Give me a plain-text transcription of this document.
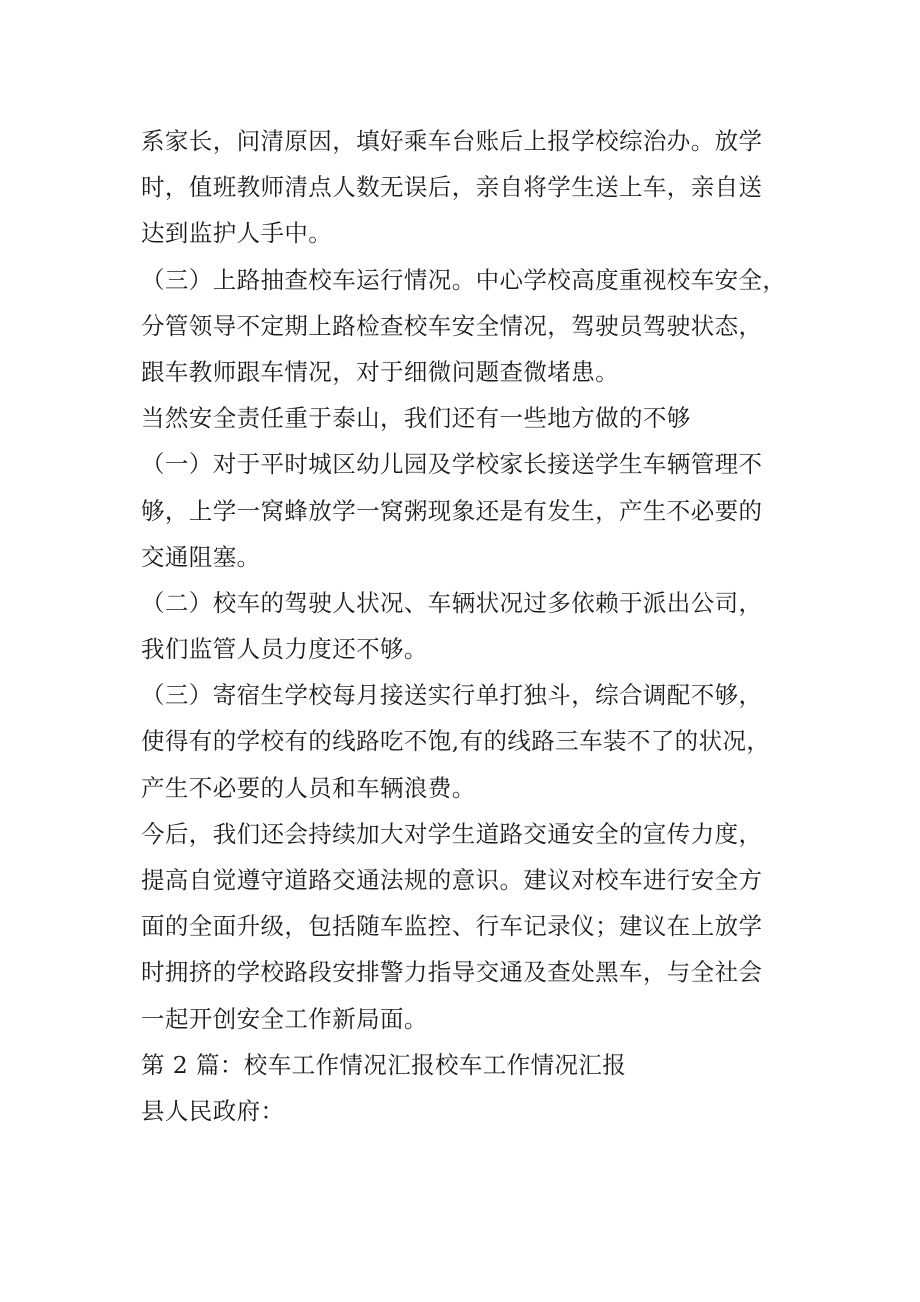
系家长，问清原因，填好乘车台账后上报学校综治办。放学
时，值班教师清点人数无误后，亲自将学生送上车，亲自送
达到监护人手中。
（三）上路抽查校车运行情况。中心学校高度重视校车安全，
分管领导不定期上路检查校车安全情况，驾驶员驾驶状态，
跟车教师跟车情况，对于细微问题查微堵患。
当然安全责任重于泰山，我们还有一些地方做的不够
（一）对于平时城区幼儿园及学校家长接送学生车辆管理不
够，上学一窝蜂放学一窝粥现象还是有发生，产生不必要的
交通阻塞。
（二）校车的驾驶人状况、车辆状况过多依赖于派出公司，
我们监管人员力度还不够。
（三）寄宿生学校每月接送实行单打独斗，综合调配不够，
使得有的学校有的线路吃不饱,有的线路三车装不了的状况，
产生不必要的人员和车辆浪费。
今后，我们还会持续加大对学生道路交通安全的宣传力度，
提高自觉遵守道路交通法规的意识。建议对校车进行安全方
面的全面升级，包括随车监控、行车记录仪；建议在上放学
时拥挤的学校路段安排警力指导交通及查处黑车，与全社会
一起开创安全工作新局面。
第 2 篇：校车工作情况汇报校车工作情况汇报
县人民政府：
